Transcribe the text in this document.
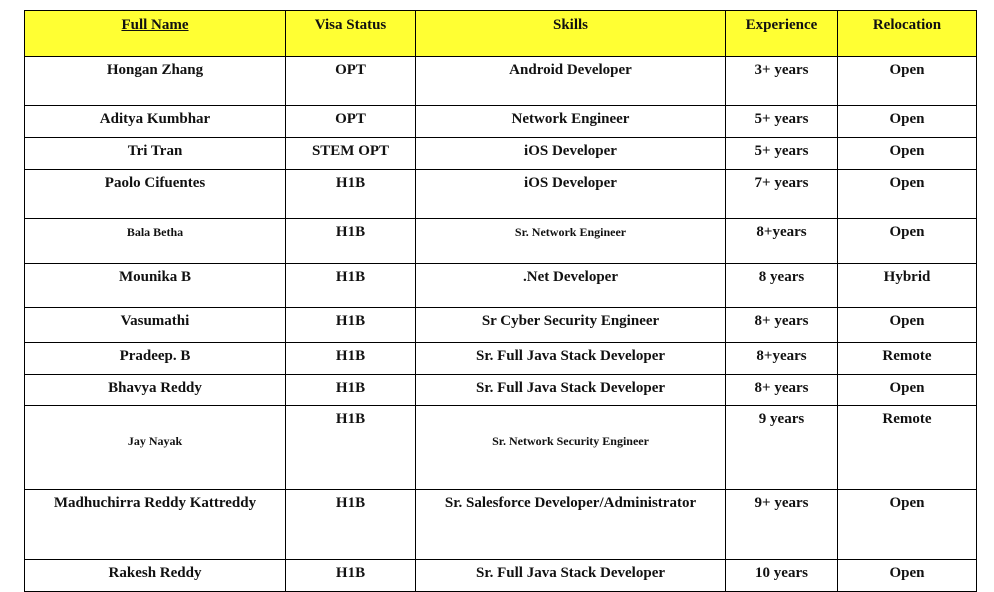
Full Name	Visa Status	Skills	Experience	Relocation
Hongan Zhang	OPT	Android Developer	3+ years	Open
Aditya Kumbhar	OPT	Network Engineer	5+ years	Open
Tri Tran	STEM OPT	iOS Developer	5+ years	Open
Paolo Cifuentes	H1B	iOS Developer	7+ years	Open
Bala Betha	H1B	Sr. Network Engineer	8+years	Open
Mounika B	H1B	.Net Developer	8 years	Hybrid
Vasumathi	H1B	Sr Cyber Security Engineer	8+ years	Open
Pradeep. B	H1B	Sr. Full Java Stack Developer	8+years	Remote
Bhavya Reddy	H1B	Sr. Full Java Stack Developer	8+ years	Open
Jay Nayak	H1B	Sr. Network Security Engineer	9 years	Remote
Madhuchirra Reddy Kattreddy	H1B	Sr. Salesforce Developer/Administrator	9+ years	Open
Rakesh Reddy	H1B	Sr. Full Java Stack Developer	10 years	Open
